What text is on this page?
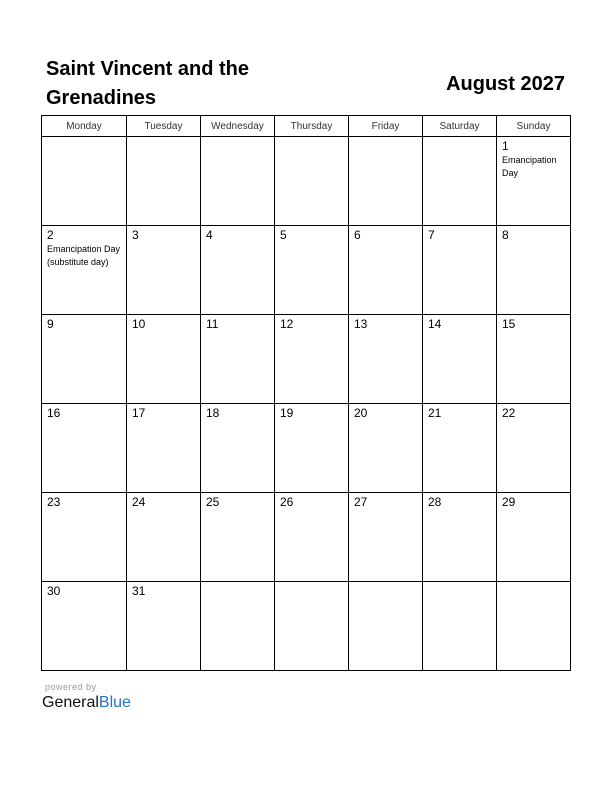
Saint Vincent and the Grenadines
August 2027
Monday	Tuesday	Wednesday	Thursday	Friday	Saturday	Sunday

						1
Emancipation Day

2
Emancipation Day (substitute day)	3	4	5	6	7	8

9	10	11	12	13	14	15

16	17	18	19	20	21	22

23	24	25	26	27	28	29

30	31					

powered by
GeneralBlue
